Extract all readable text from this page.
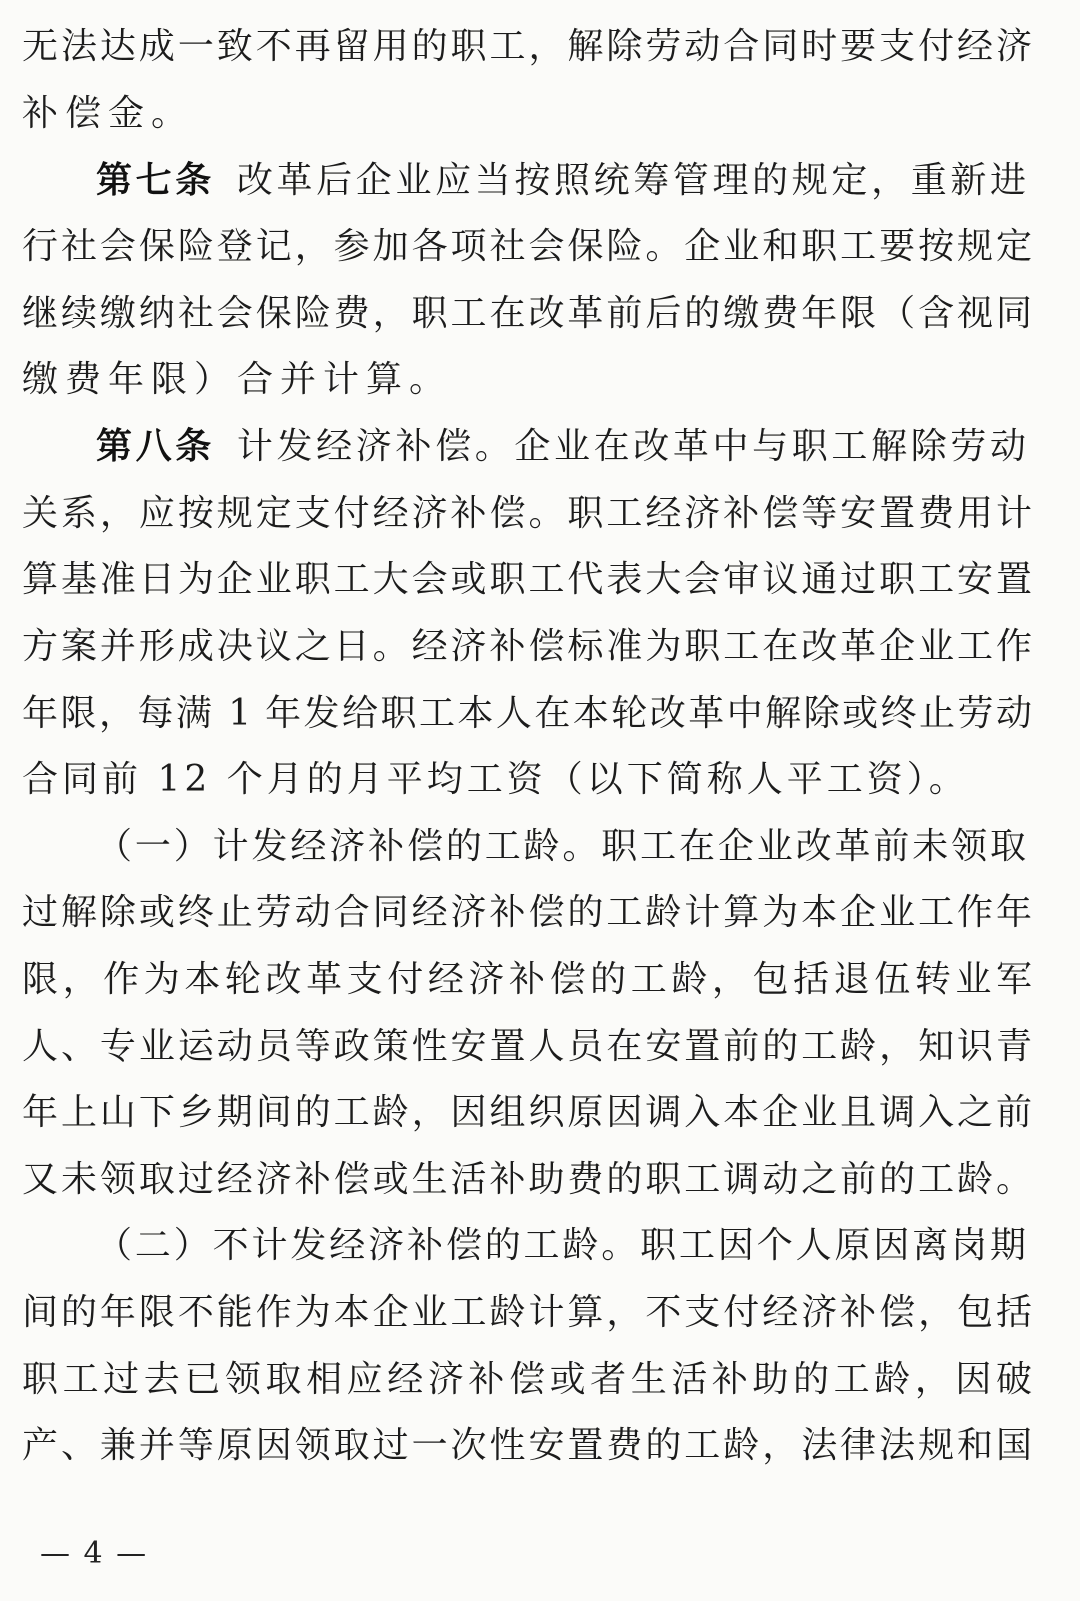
无法达成一致不再留用的职工，解除劳动合同时要支付经济
补偿金。
第七条 改革后企业应当按照统筹管理的规定，重新进
行社会保险登记，参加各项社会保险。企业和职工要按规定
继续缴纳社会保险费，职工在改革前后的缴费年限（含视同
缴费年限）合并计算。
第八条 计发经济补偿。企业在改革中与职工解除劳动
关系，应按规定支付经济补偿。职工经济补偿等安置费用计
算基准日为企业职工大会或职工代表大会审议通过职工安置
方案并形成决议之日。经济补偿标准为职工在改革企业工作
年限，每满 1 年发给职工本人在本轮改革中解除或终止劳动
合同前 12 个月的月平均工资（以下简称人平工资）。
（一）计发经济补偿的工龄。职工在企业改革前未领取
过解除或终止劳动合同经济补偿的工龄计算为本企业工作年
限，作为本轮改革支付经济补偿的工龄，包括退伍转业军
人、专业运动员等政策性安置人员在安置前的工龄，知识青
年上山下乡期间的工龄，因组织原因调入本企业且调入之前
又未领取过经济补偿或生活补助费的职工调动之前的工龄。
（二）不计发经济补偿的工龄。职工因个人原因离岗期
间的年限不能作为本企业工龄计算，不支付经济补偿，包括
职工过去已领取相应经济补偿或者生活补助的工龄，因破
产、兼并等原因领取过一次性安置费的工龄，法律法规和国
— 4 —
